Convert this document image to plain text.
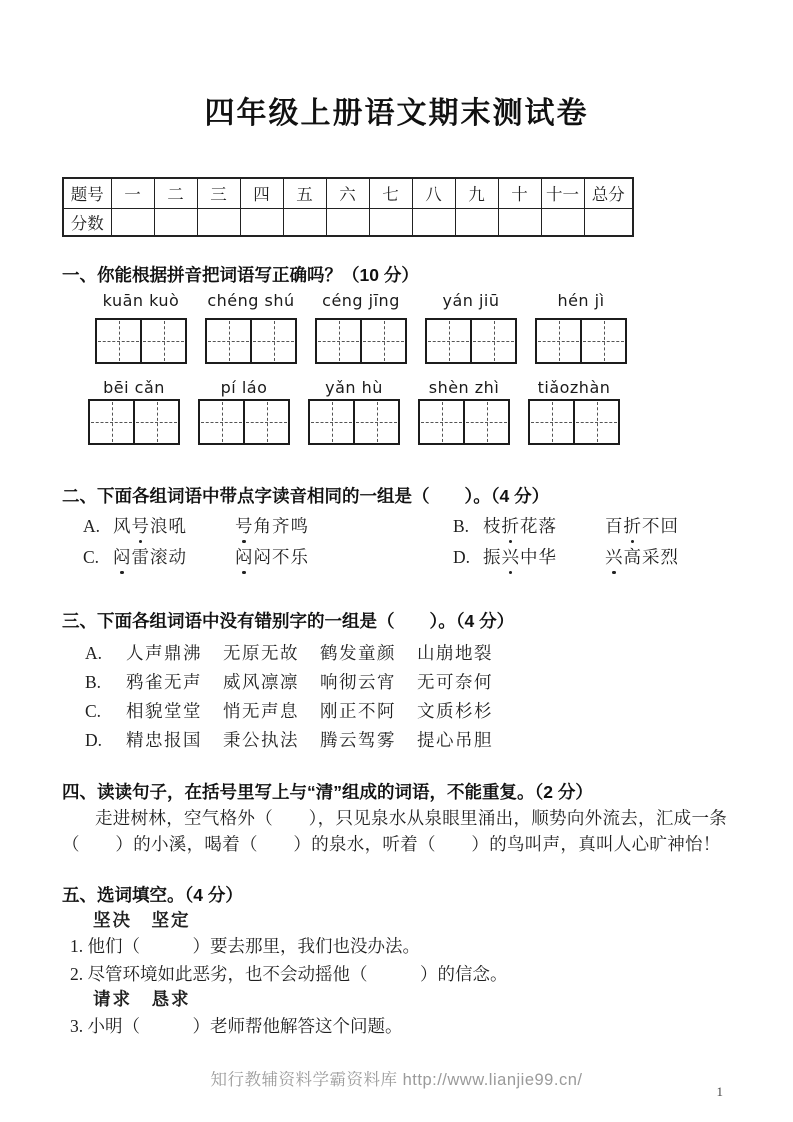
四年级上册语文期末测试卷
题号	一	二	三	四	五	六	七	八	九	十	十一	总分
分数												
一、你能根据拼音把词语写正确吗？（10 分）
kuān kuò	chéng shú	céng jīng	yán jiū	hén jì
bēi cǎn	pí láo	yǎn hù	shèn zhì	tiǎozhàn
二、下面各组词语中带点字读音相同的一组是（　　）。（4 分）
A. 风号浪吼	号角齐鸣	B. 枝折花落	百折不回
C. 闷雷滚动	闷闷不乐	D. 振兴中华	兴高采烈
三、下面各组词语中没有错别字的一组是（　　）。（4 分）
A.	人声鼎沸	无原无故	鹤发童颜	山崩地裂
B.	鸦雀无声	威风凛凛	响彻云宵	无可奈何
C.	相貌堂堂	悄无声息	刚正不阿	文质杉杉
D.	精忠报国	秉公执法	腾云驾雾	提心吊胆
四、读读句子，在括号里写上与“清”组成的词语，不能重复。（2 分）
走进树林，空气格外（　　），只见泉水从泉眼里涌出，顺势向外流去，汇成一条
（　　）的小溪，喝着（　　）的泉水，听着（　　）的鸟叫声，真叫人心旷神怡！
五、选词填空。（4 分）
坚决　坚定
1. 他们（　　　）要去那里，我们也没办法。
2. 尽管环境如此恶劣，也不会动摇他（　　　）的信念。
请求　恳求
3. 小明（　　　）老师帮他解答这个问题。
知行教辅资料学霸资料库 http://www.lianjie99.cn/
1
